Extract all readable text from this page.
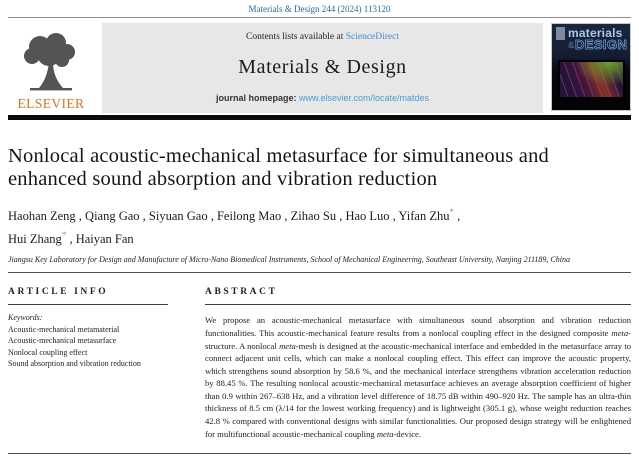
Materials & Design 244 (2024) 113120
ELSEVIER
Contents lists available at ScienceDirect
Materials & Design
journal homepage: www.elsevier.com/locate/matdes
materials
& DESIGN
Nonlocal acoustic-mechanical metasurface for simultaneous and enhanced sound absorption and vibration reduction
Haohan Zeng , Qiang Gao , Siyuan Gao , Feilong Mao , Zihao Su , Hao Luo , Yifan Zhu* ,
Hui Zhang* , Haiyan Fan
Jiangsu Key Laboratory for Design and Manufacture of Micro-Nano Biomedical Instruments, School of Mechanical Engineering, Southeast University, Nanjing 211189, China
ARTICLE INFO
Keywords:
Acoustic-mechanical metamaterial
Acoustic-mechanical metasurface
Nonlocal coupling effect
Sound absorption and vibration reduction
ABSTRACT
We propose an acoustic-mechanical metasurface with simultaneous sound absorption and vibration reduction functionalities. This acoustic-mechanical feature results from a nonlocal coupling effect in the designed composite meta-structure. A nonlocal meta-mesh is designed at the acoustic-mechanical interface and embedded in the metasurface array to connect adjacent unit cells, which can make a nonlocal coupling effect. This effect can improve the acoustic property, which strengthens sound absorption by 58.6 %, and the mechanical interface strengthens vibration acceleration reduction by 88.45 %. The resulting nonlocal acoustic-mechanical metasurface achieves an average absorption coefficient of higher than 0.9 within 267–638 Hz, and a vibration level difference of 18.75 dB within 490–920 Hz. The sample has an ultra-thin thickness of 8.5 cm (λ/14 for the lowest working frequency) and is lightweight (305.1 g), whose weight reduction reaches 42.8 % compared with conventional designs with similar functionalities. Our proposed design strategy will be enlightened for multifunctional acoustic-mechanical coupling meta-device.
